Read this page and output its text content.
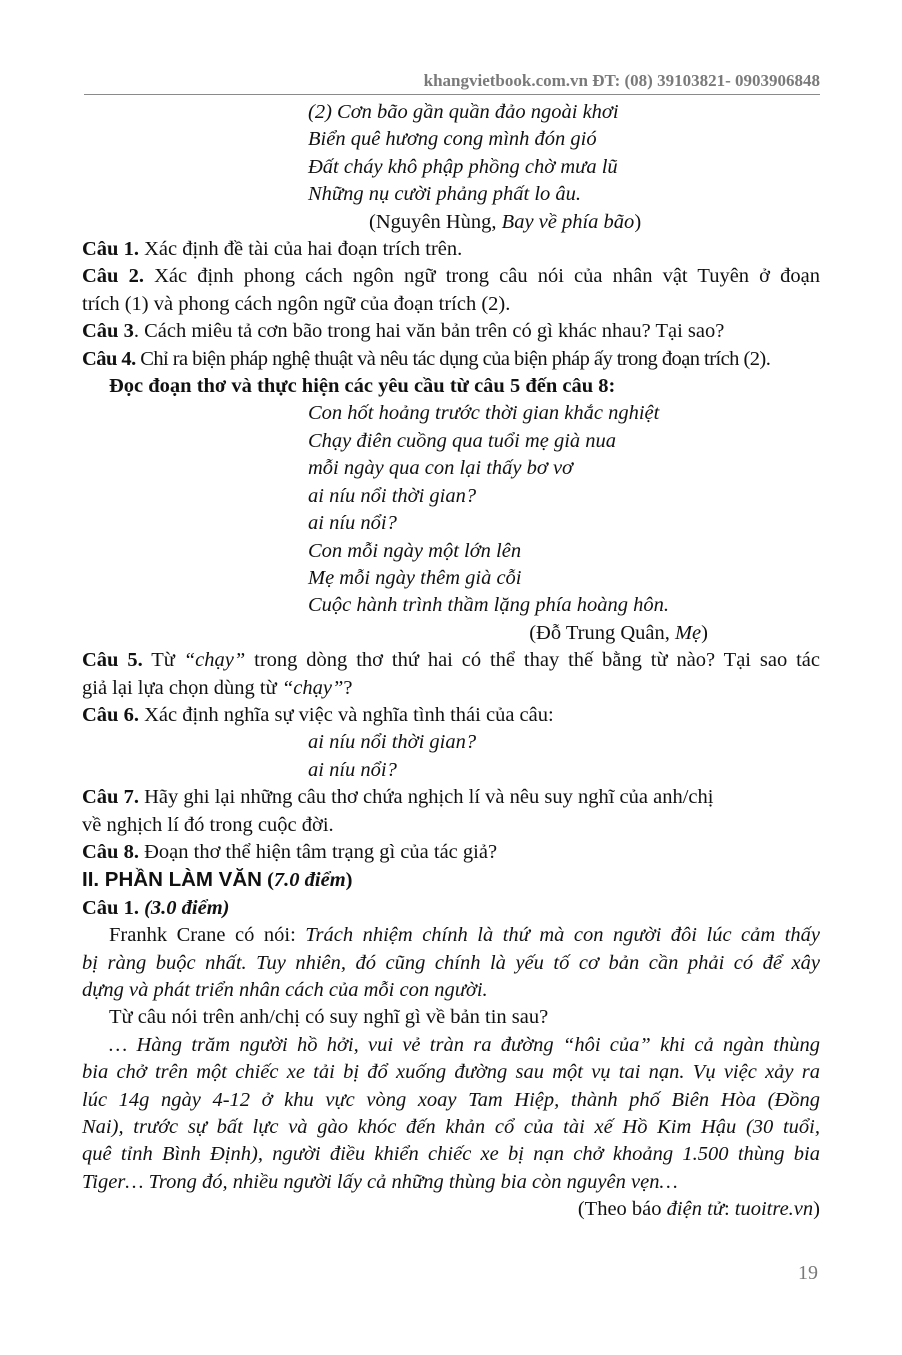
khangvietbook.com.vn ĐT: (08) 39103821- 0903906848
(2) Cơn bão gần quần đảo ngoài khơi
Biển quê hương cong mình đón gió
Đất cháy khô phập phồng chờ mưa lũ
Những nụ cười phảng phất lo âu.
(Nguyên Hùng, Bay về phía bão)
Câu 1. Xác định đề tài của hai đoạn trích trên.
Câu 2. Xác định phong cách ngôn ngữ trong câu nói của nhân vật Tuyên ở đoạn
trích (1) và phong cách ngôn ngữ của đoạn trích (2).
Câu 3. Cách miêu tả cơn bão trong hai văn bản trên có gì khác nhau? Tại sao?
Câu 4. Chỉ ra biện pháp nghệ thuật và nêu tác dụng của biện pháp ấy trong đoạn trích (2).
Đọc đoạn thơ và thực hiện các yêu cầu từ câu 5 đến câu 8:
Con hốt hoảng trước thời gian khắc nghiệt
Chạy điên cuồng qua tuổi mẹ già nua
mỗi ngày qua con lại thấy bơ vơ
ai níu nổi thời gian?
ai níu nổi?
Con mỗi ngày một lớn lên
Mẹ mỗi ngày thêm già cỗi
Cuộc hành trình thầm lặng phía hoàng hôn.
(Đỗ Trung Quân, Mẹ)
Câu 5. Từ “chạy” trong dòng thơ thứ hai có thể thay thế bằng từ nào? Tại sao tác
giả lại lựa chọn dùng từ “chạy”?
Câu 6. Xác định nghĩa sự việc và nghĩa tình thái của câu:
ai níu nổi thời gian?
ai níu nổi?
Câu 7. Hãy ghi lại những câu thơ chứa nghịch lí và nêu suy nghĩ của anh/chị
về nghịch lí đó trong cuộc đời.
Câu 8. Đoạn thơ thể hiện tâm trạng gì của tác giả?
II. PHẦN LÀM VĂN (7.0 điểm)
Câu 1. (3.0 điểm)
Franhk Crane có nói: Trách nhiệm chính là thứ mà con người đôi lúc cảm thấy
bị ràng buộc nhất. Tuy nhiên, đó cũng chính là yếu tố cơ bản cần phải có để xây
dựng và phát triển nhân cách của mỗi con người.
Từ câu nói trên anh/chị có suy nghĩ gì về bản tin sau?
… Hàng trăm người hồ hởi, vui vẻ tràn ra đường “hôi của” khi cả ngàn thùng
bia chở trên một chiếc xe tải bị đổ xuống đường sau một vụ tai nạn. Vụ việc xảy ra
lúc 14g ngày 4-12 ở khu vực vòng xoay Tam Hiệp, thành phố Biên Hòa (Đồng
Nai), trước sự bất lực và gào khóc đến khản cổ của tài xế Hồ Kim Hậu (30 tuổi,
quê tỉnh Bình Định), người điều khiển chiếc xe bị nạn chở khoảng 1.500 thùng bia
Tiger… Trong đó, nhiều người lấy cả những thùng bia còn nguyên vẹn…
(Theo báo điện tử: tuoitre.vn)
19
